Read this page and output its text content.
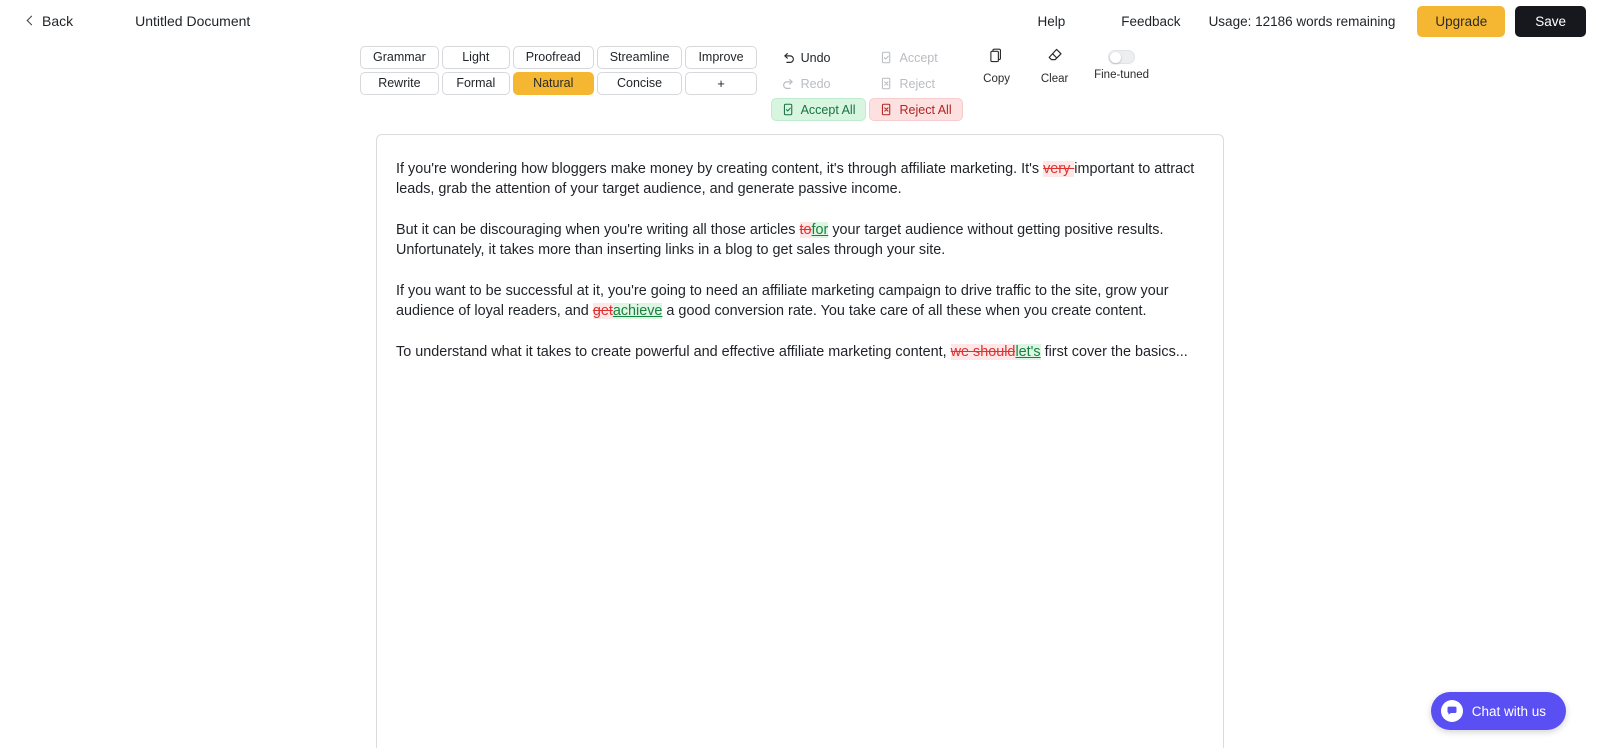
Back	Untitled Document	Help	Feedback	Usage: 12186 words remaining	Upgrade	Save
Grammar	Light	Proofread	Streamline	Improve
Rewrite	Formal	Natural	Concise	+
Undo	Accept
Redo	Reject
Accept All	Reject All
Copy	Clear Fine-tuned

If you're wondering how bloggers make money by creating content, it's through affiliate marketing. It's very important to attract leads, grab the attention of your target audience, and generate passive income.

But it can be discouraging when you're writing all those articles tofor your target audience without getting positive results. Unfortunately, it takes more than inserting links in a blog to get sales through your site.

If you want to be successful at it, you're going to need an affiliate marketing campaign to drive traffic to the site, grow your audience of loyal readers, and getachieve a good conversion rate. You take care of all these when you create content.

To understand what it takes to create powerful and effective affiliate marketing content, we shouldlet's first cover the basics...

Chat with us
